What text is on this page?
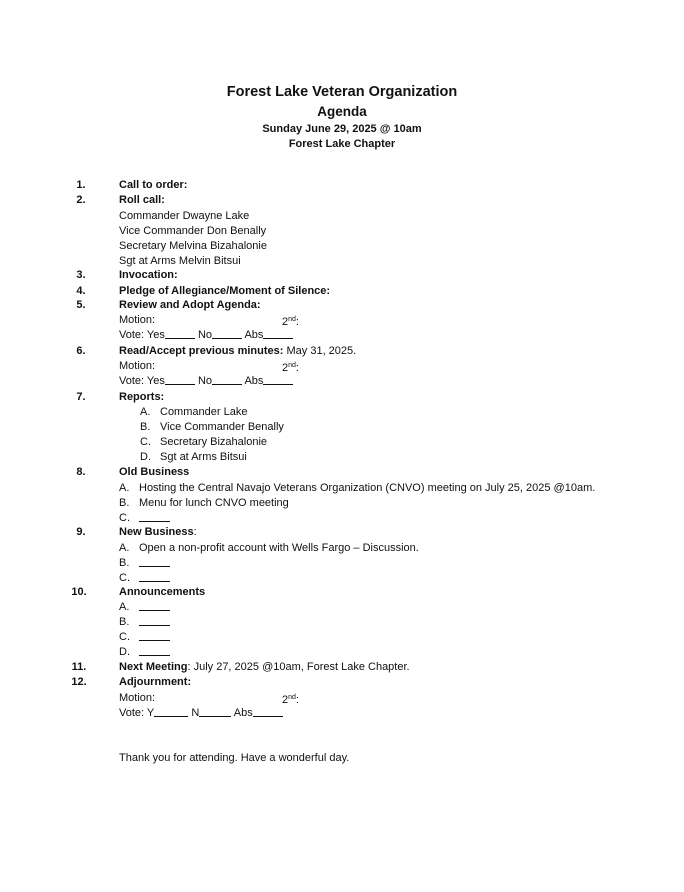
Forest Lake Veteran Organization
Agenda
Sunday June 29, 2025 @ 10am
Forest Lake Chapter
1.	Call to order:
2.	Roll call:
Commander Dwayne Lake
Vice Commander Don Benally
Secretary Melvina Bizahalonie
Sgt at Arms Melvin Bitsui
3.	Invocation:
4.	Pledge of Allegiance/Moment of Silence:
5.	Review and Adopt Agenda:
Motion:	2nd:
Vote: Yes	No	Abs
6.	Read/Accept previous minutes: May 31, 2025.
Motion:	2nd:
Vote: Yes	No	Abs
7.	Reports:
A. Commander Lake
B. Vice Commander Benally
C. Secretary Bizahalonie
D. Sgt at Arms Bitsui
8.	Old Business
A. Hosting the Central Navajo Veterans Organization (CNVO) meeting on July 25, 2025 @10am.
B. Menu for lunch CNVO meeting
C.
9.	New Business:
A. Open a non-profit account with Wells Fargo – Discussion.
B.
C.
10.	Announcements
A.
B.
C.
D.
11.	Next Meeting: July 27, 2025 @10am, Forest Lake Chapter.
12.	Adjournment:
Motion:	2nd:
Vote: Y	N	Abs
Thank you for attending. Have a wonderful day.
